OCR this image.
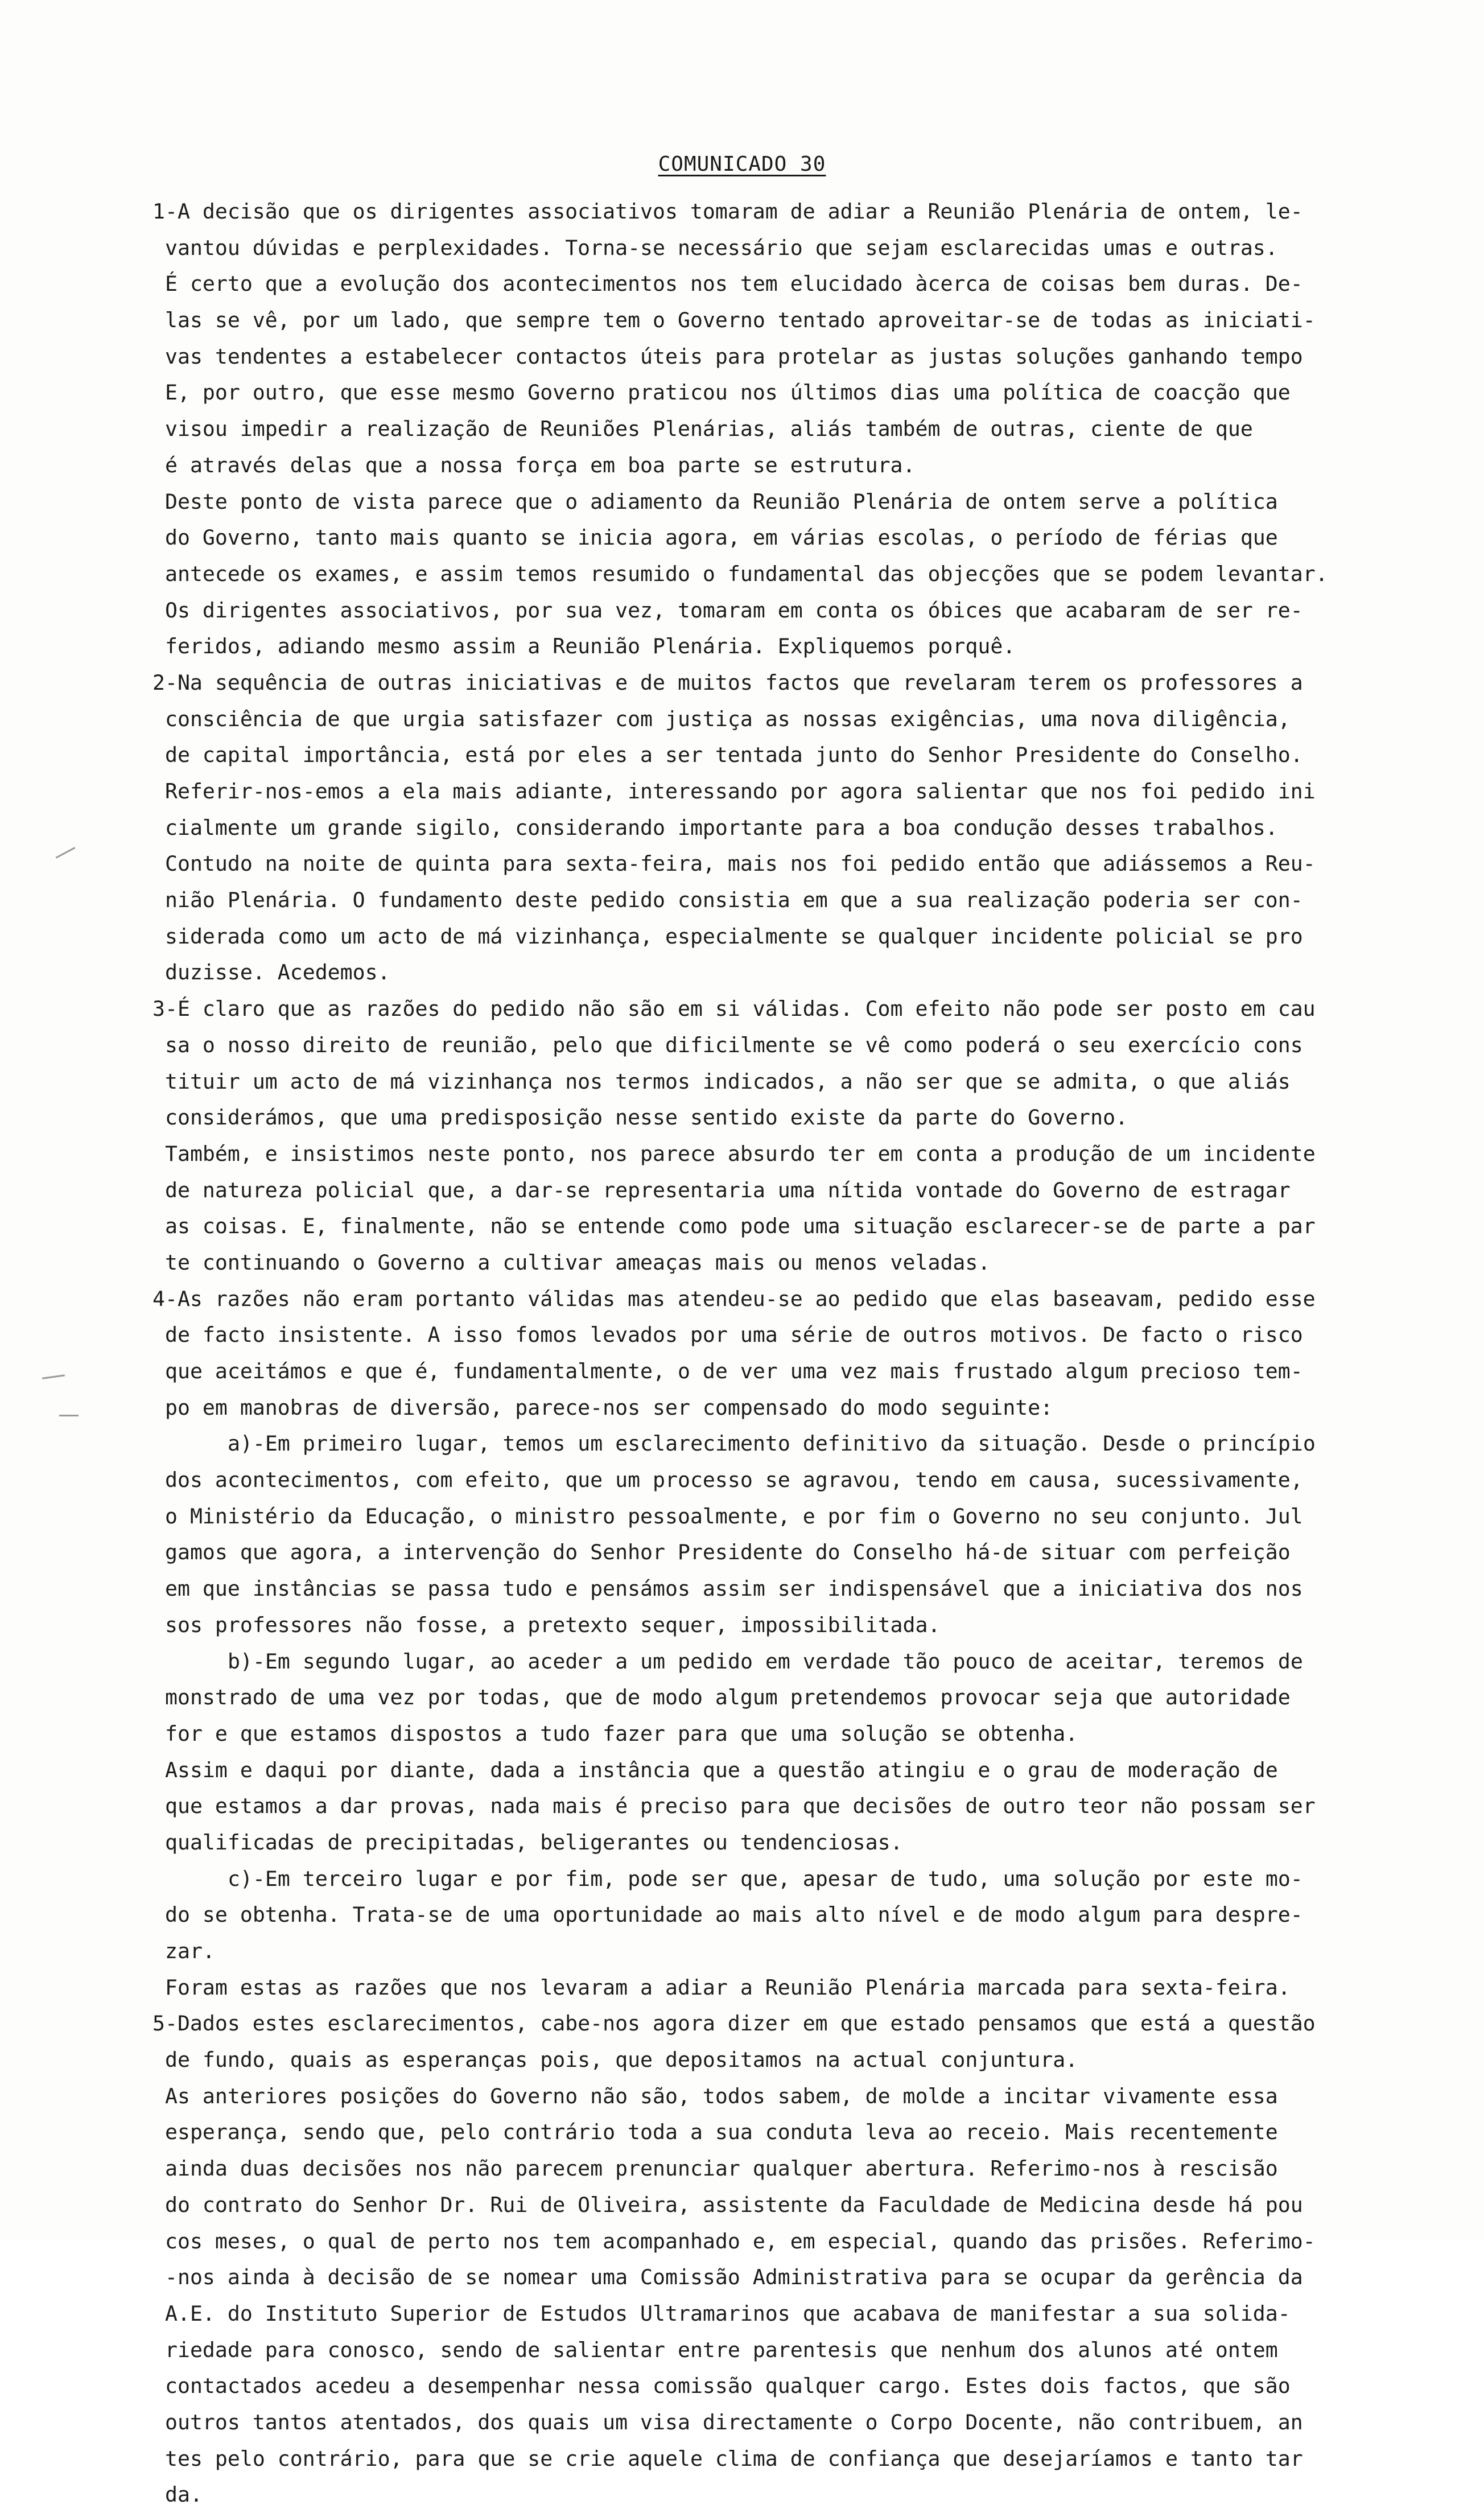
COMUNICADO 30
1-A decisão que os dirigentes associativos tomaram de adiar a Reunião Plenária de ontem, le-
vantou dúvidas e perplexidades. Torna-se necessário que sejam esclarecidas umas e outras.
É certo que a evolução dos acontecimentos nos tem elucidado àcerca de coisas bem duras. De-
las se vê, por um lado, que sempre tem o Governo tentado aproveitar-se de todas as iniciati-
vas tendentes a estabelecer contactos úteis para protelar as justas soluções ganhando tempo
E, por outro, que esse mesmo Governo praticou nos últimos dias uma política de coacção que
visou impedir a realização de Reuniões Plenárias, aliás também de outras, ciente de que
é através delas que a nossa força em boa parte se estrutura.
Deste ponto de vista parece que o adiamento da Reunião Plenária de ontem serve a política
do Governo, tanto mais quanto se inicia agora, em várias escolas, o período de férias que
antecede os exames, e assim temos resumido o fundamental das objecções que se podem levantar.
Os dirigentes associativos, por sua vez, tomaram em conta os óbices que acabaram de ser re-
feridos, adiando mesmo assim a Reunião Plenária. Expliquemos porquê.
2-Na sequência de outras iniciativas e de muitos factos que revelaram terem os professores a
consciência de que urgia satisfazer com justiça as nossas exigências, uma nova diligência,
de capital importância, está por eles a ser tentada junto do Senhor Presidente do Conselho.
Referir-nos-emos a ela mais adiante, interessando por agora salientar que nos foi pedido ini
cialmente um grande sigilo, considerando importante para a boa condução desses trabalhos.
Contudo na noite de quinta para sexta-feira, mais nos foi pedido então que adiássemos a Reu-
nião Plenária. O fundamento deste pedido consistia em que a sua realização poderia ser con-
siderada como um acto de má vizinhança, especialmente se qualquer incidente policial se pro
duzisse. Acedemos.
3-É claro que as razões do pedido não são em si válidas. Com efeito não pode ser posto em cau
sa o nosso direito de reunião, pelo que dificilmente se vê como poderá o seu exercício cons
tituir um acto de má vizinhança nos termos indicados, a não ser que se admita, o que aliás
considerámos, que uma predisposição nesse sentido existe da parte do Governo.
Também, e insistimos neste ponto, nos parece absurdo ter em conta a produção de um incidente
de natureza policial que, a dar-se representaria uma nítida vontade do Governo de estragar
as coisas. E, finalmente, não se entende como pode uma situação esclarecer-se de parte a par
te continuando o Governo a cultivar ameaças mais ou menos veladas.
4-As razões não eram portanto válidas mas atendeu-se ao pedido que elas baseavam, pedido esse
de facto insistente. A isso fomos levados por uma série de outros motivos. De facto o risco
que aceitámos e que é, fundamentalmente, o de ver uma vez mais frustado algum precioso tem-
po em manobras de diversão, parece-nos ser compensado do modo seguinte:
a)-Em primeiro lugar, temos um esclarecimento definitivo da situação. Desde o princípio
dos acontecimentos, com efeito, que um processo se agravou, tendo em causa, sucessivamente,
o Ministério da Educação, o ministro pessoalmente, e por fim o Governo no seu conjunto. Jul
gamos que agora, a intervenção do Senhor Presidente do Conselho há-de situar com perfeição
em que instâncias se passa tudo e pensámos assim ser indispensável que a iniciativa dos nos
sos professores não fosse, a pretexto sequer, impossibilitada.
b)-Em segundo lugar, ao aceder a um pedido em verdade tão pouco de aceitar, teremos de
monstrado de uma vez por todas, que de modo algum pretendemos provocar seja que autoridade
for e que estamos dispostos a tudo fazer para que uma solução se obtenha.
Assim e daqui por diante, dada a instância que a questão atingiu e o grau de moderação de
que estamos a dar provas, nada mais é preciso para que decisões de outro teor não possam ser
qualificadas de precipitadas, beligerantes ou tendenciosas.
c)-Em terceiro lugar e por fim, pode ser que, apesar de tudo, uma solução por este mo-
do se obtenha. Trata-se de uma oportunidade ao mais alto nível e de modo algum para despre-
zar.
Foram estas as razões que nos levaram a adiar a Reunião Plenária marcada para sexta-feira.
5-Dados estes esclarecimentos, cabe-nos agora dizer em que estado pensamos que está a questão
de fundo, quais as esperanças pois, que depositamos na actual conjuntura.
As anteriores posições do Governo não são, todos sabem, de molde a incitar vivamente essa
esperança, sendo que, pelo contrário toda a sua conduta leva ao receio. Mais recentemente
ainda duas decisões nos não parecem prenunciar qualquer abertura. Referimo-nos à rescisão
do contrato do Senhor Dr. Rui de Oliveira, assistente da Faculdade de Medicina desde há pou
cos meses, o qual de perto nos tem acompanhado e, em especial, quando das prisões. Referimo-
-nos ainda à decisão de se nomear uma Comissão Administrativa para se ocupar da gerência da
A.E. do Instituto Superior de Estudos Ultramarinos que acabava de manifestar a sua solida-
riedade para conosco, sendo de salientar entre parentesis que nenhum dos alunos até ontem
contactados acedeu a desempenhar nessa comissão qualquer cargo. Estes dois factos, que são
outros tantos atentados, dos quais um visa directamente o Corpo Docente, não contribuem, an
tes pelo contrário, para que se crie aquele clima de confiança que desejaríamos e tanto tar
da.
